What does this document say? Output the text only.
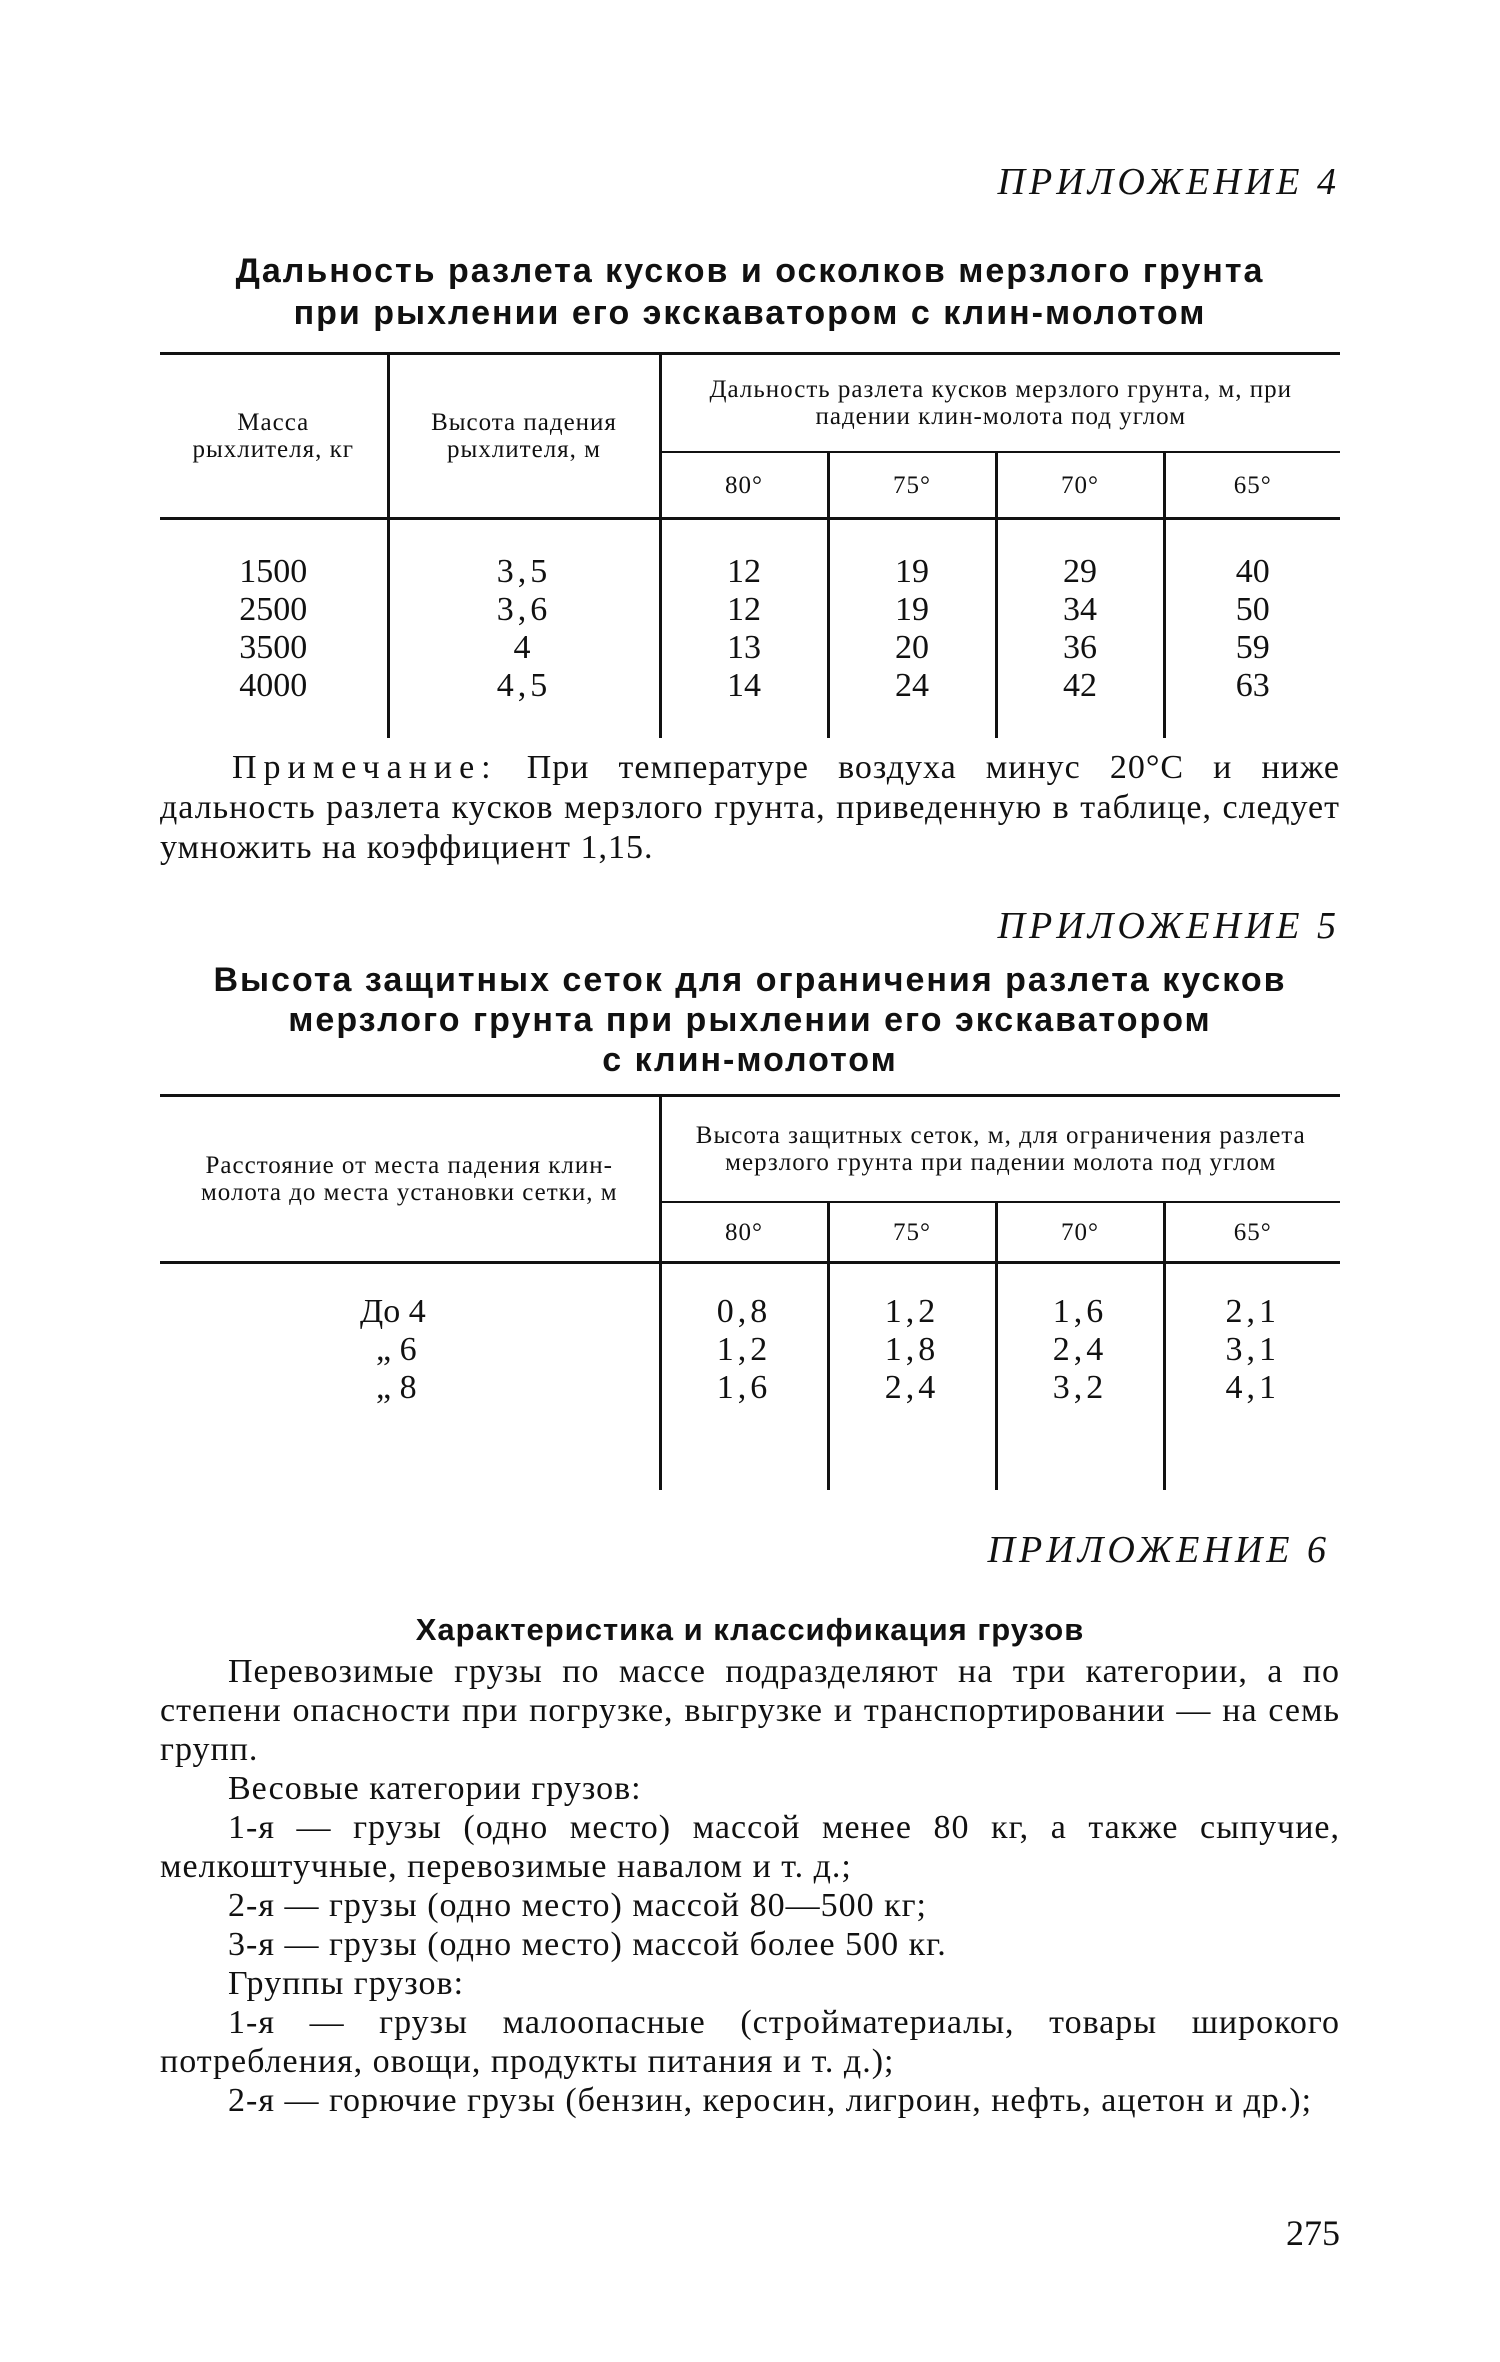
ПРИЛОЖЕНИЕ 4
Дальность разлета кусков и осколков мерзлого грунта
при рыхлении его экскаватором с клин-молотом
Масса рыхлителя, кг	Высота падения рыхлителя, м	Дальность разлета кусков мерзлого грунта, м, при падении клин-молота под углом			
		80°	75°	70°	65°
1500	3,5	12	19	29	40
2500	3,6	12	19	34	50
3500	4	13	20	36	59
4000	4,5	14	24	42	63
Примечание: При температуре воздуха минус 20°С и ниже дальность разлета кусков мерзлого грунта, приведенную в таблице, следует умножить на коэффициент 1,15.
ПРИЛОЖЕНИЕ 5
Высота защитных сеток для ограничения разлета кусков
мерзлого грунта при рыхлении его экскаватором
с клин-молотом
Расстояние от места падения клин-молота до места установки сетки, м	Высота защитных сеток, м, для ограничения разлета мерзлого грунта при падении молота под углом			
	80°	75°	70°	65°
До 4	0,8	1,2	1,6	2,1
„ 6	1,2	1,8	2,4	3,1
„ 8	1,6	2,4	3,2	4,1
ПРИЛОЖЕНИЕ 6
Характеристика и классификация грузов

Перевозимые грузы по массе подразделяют на три категории, а по степени опасности при погрузке, выгрузке и транспортировании — на семь групп.

Весовые категории грузов:

1-я — грузы (одно место) массой менее 80 кг, а также сыпучие, мелкоштучные, перевозимые навалом и т. д.;

2-я — грузы (одно место) массой 80—500 кг;

3-я — грузы (одно место) массой более 500 кг.

Группы грузов:

1-я — грузы малоопасные (стройматериалы, товары широкого потребления, овощи, продукты питания и т. д.);

2-я — горючие грузы (бензин, керосин, лигроин, нефть, ацетон и др.);

275
